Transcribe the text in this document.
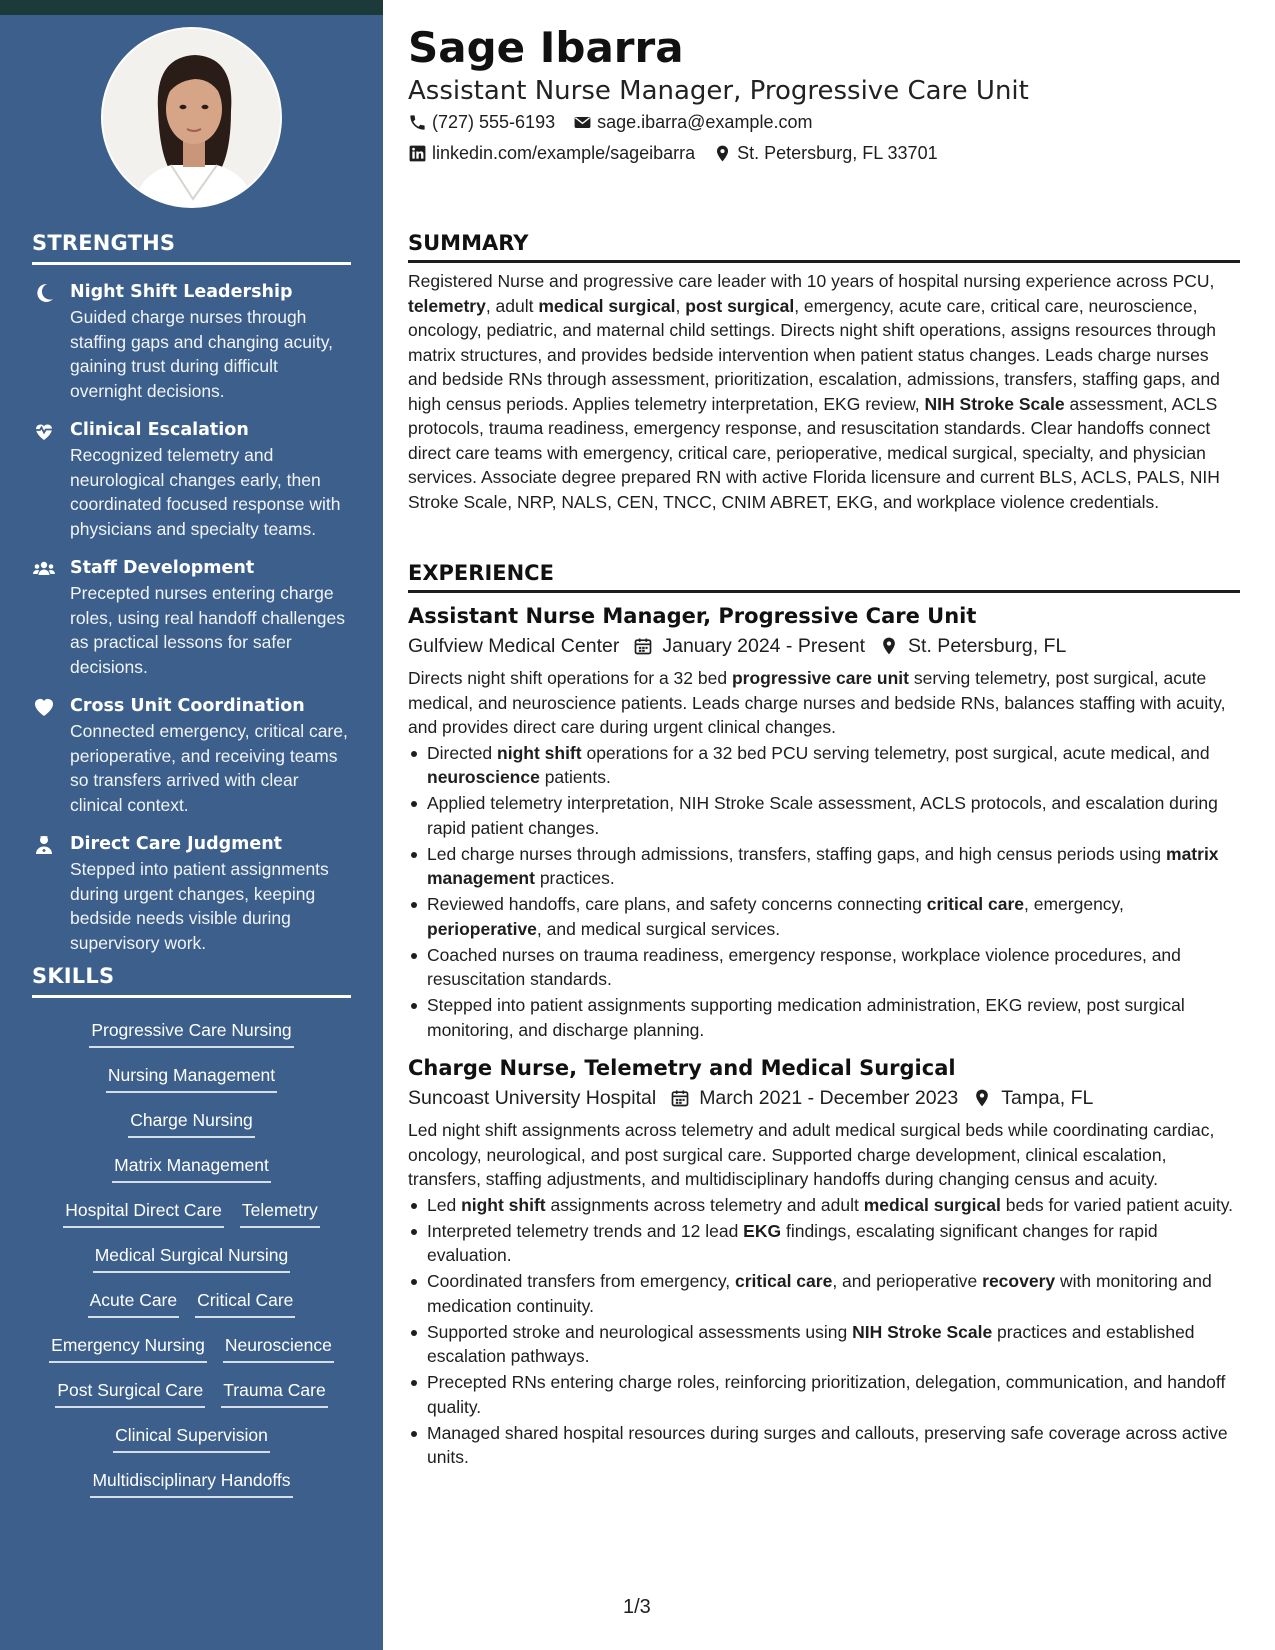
STRENGTHS
Night Shift Leadership
Guided charge nurses through staffing gaps and changing acuity, gaining trust during difficult overnight decisions.
Clinical Escalation
Recognized telemetry and neurological changes early, then coordinated focused response with physicians and specialty teams.
Staff Development
Precepted nurses entering charge roles, using real handoff challenges as practical lessons for safer decisions.
Cross Unit Coordination
Connected emergency, critical care, perioperative, and receiving teams so transfers arrived with clear clinical context.
Direct Care Judgment
Stepped into patient assignments during urgent changes, keeping bedside needs visible during supervisory work.
SKILLS
Progressive Care Nursing
Nursing Management
Charge Nursing
Matrix Management
Hospital Direct Care Telemetry
Medical Surgical Nursing
Acute Care Critical Care
Emergency Nursing Neuroscience
Post Surgical Care Trauma Care
Clinical Supervision
Multidisciplinary Handoffs
Sage Ibarra
Assistant Nurse Manager, Progressive Care Unit
(727) 555-6193 sage.ibarra@example.com
linkedin.com/example/sageibarra St. Petersburg, FL 33701
SUMMARY

Registered Nurse and progressive care leader with 10 years of hospital nursing experience across PCU, telemetry, adult medical surgical, post surgical, emergency, acute care, critical care, neuroscience, oncology, pediatric, and maternal child settings. Directs night shift operations, assigns resources through matrix structures, and provides bedside intervention when patient status changes. Leads charge nurses and bedside RNs through assessment, prioritization, escalation, admissions, transfers, staffing gaps, and high census periods. Applies telemetry interpretation, EKG review, NIH Stroke Scale assessment, ACLS protocols, trauma readiness, emergency response, and resuscitation standards. Clear handoffs connect direct care teams with emergency, critical care, perioperative, medical surgical, specialty, and physician services. Associate degree prepared RN with active Florida licensure and current BLS, ACLS, PALS, NIH Stroke Scale, NRP, NALS, CEN, TNCC, CNIM ABRET, EKG, and workplace violence credentials.

EXPERIENCE
Assistant Nurse Manager, Progressive Care Unit
Gulfview Medical Center January 2024 - Present St. Petersburg, FL

Directs night shift operations for a 32 bed progressive care unit serving telemetry, post surgical, acute medical, and neuroscience patients. Leads charge nurses and bedside RNs, balances staffing with acuity, and provides direct care during urgent clinical changes.

Directed night shift operations for a 32 bed PCU serving telemetry, post surgical, acute medical, and neuroscience patients.
Applied telemetry interpretation, NIH Stroke Scale assessment, ACLS protocols, and escalation during rapid patient changes.
Led charge nurses through admissions, transfers, staffing gaps, and high census periods using matrix management practices.
Reviewed handoffs, care plans, and safety concerns connecting critical care, emergency, perioperative, and medical surgical services.
Coached nurses on trauma readiness, emergency response, workplace violence procedures, and resuscitation standards.
Stepped into patient assignments supporting medication administration, EKG review, post surgical monitoring, and discharge planning.
Charge Nurse, Telemetry and Medical Surgical
Suncoast University Hospital March 2021 - December 2023 Tampa, FL

Led night shift assignments across telemetry and adult medical surgical beds while coordinating cardiac, oncology, neurological, and post surgical care. Supported charge development, clinical escalation, transfers, staffing adjustments, and multidisciplinary handoffs during changing census and acuity.

Led night shift assignments across telemetry and adult medical surgical beds for varied patient acuity.
Interpreted telemetry trends and 12 lead EKG findings, escalating significant changes for rapid evaluation.
Coordinated transfers from emergency, critical care, and perioperative recovery with monitoring and medication continuity.
Supported stroke and neurological assessments using NIH Stroke Scale practices and established escalation pathways.
Precepted RNs entering charge roles, reinforcing prioritization, delegation, communication, and handoff quality.
Managed shared hospital resources during surges and callouts, preserving safe coverage across active units.
1/3
